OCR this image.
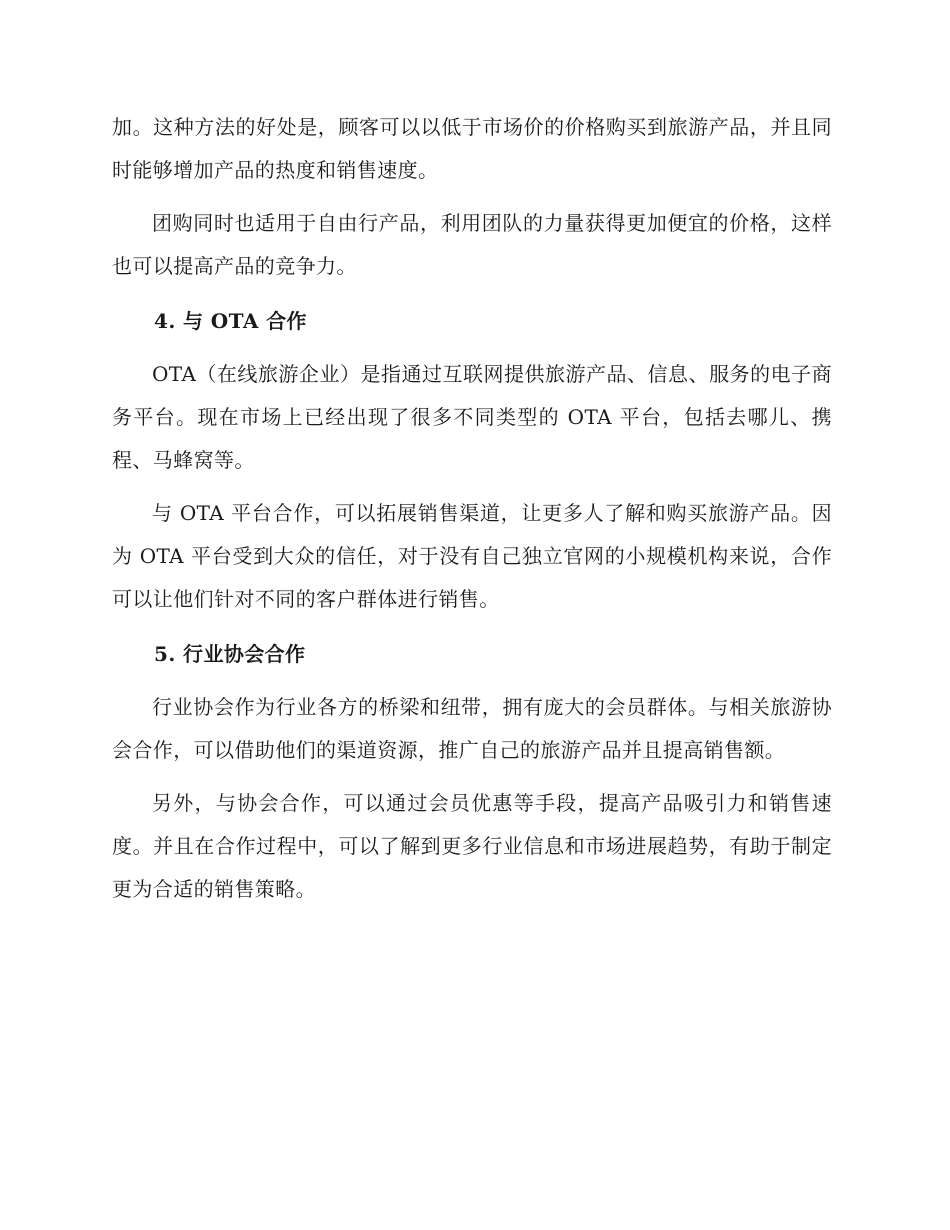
加。这种方法的好处是，顾客可以以低于市场价的价格购买到旅游产品，并且同时能够增加产品的热度和销售速度。

团购同时也适用于自由行产品，利用团队的力量获得更加便宜的价格，这样也可以提高产品的竞争力。

4. 与 OTA 合作

OTA（在线旅游企业）是指通过互联网提供旅游产品、信息、服务的电子商务平台。现在市场上已经出现了很多不同类型的 OTA 平台，包括去哪儿、携程、马蜂窝等。

与 OTA 平台合作，可以拓展销售渠道，让更多人了解和购买旅游产品。因为 OTA 平台受到大众的信任，对于没有自己独立官网的小规模机构来说，合作可以让他们针对不同的客户群体进行销售。

5. 行业协会合作

行业协会作为行业各方的桥梁和纽带，拥有庞大的会员群体。与相关旅游协会合作，可以借助他们的渠道资源，推广自己的旅游产品并且提高销售额。

另外，与协会合作，可以通过会员优惠等手段，提高产品吸引力和销售速度。并且在合作过程中，可以了解到更多行业信息和市场进展趋势，有助于制定更为合适的销售策略。
